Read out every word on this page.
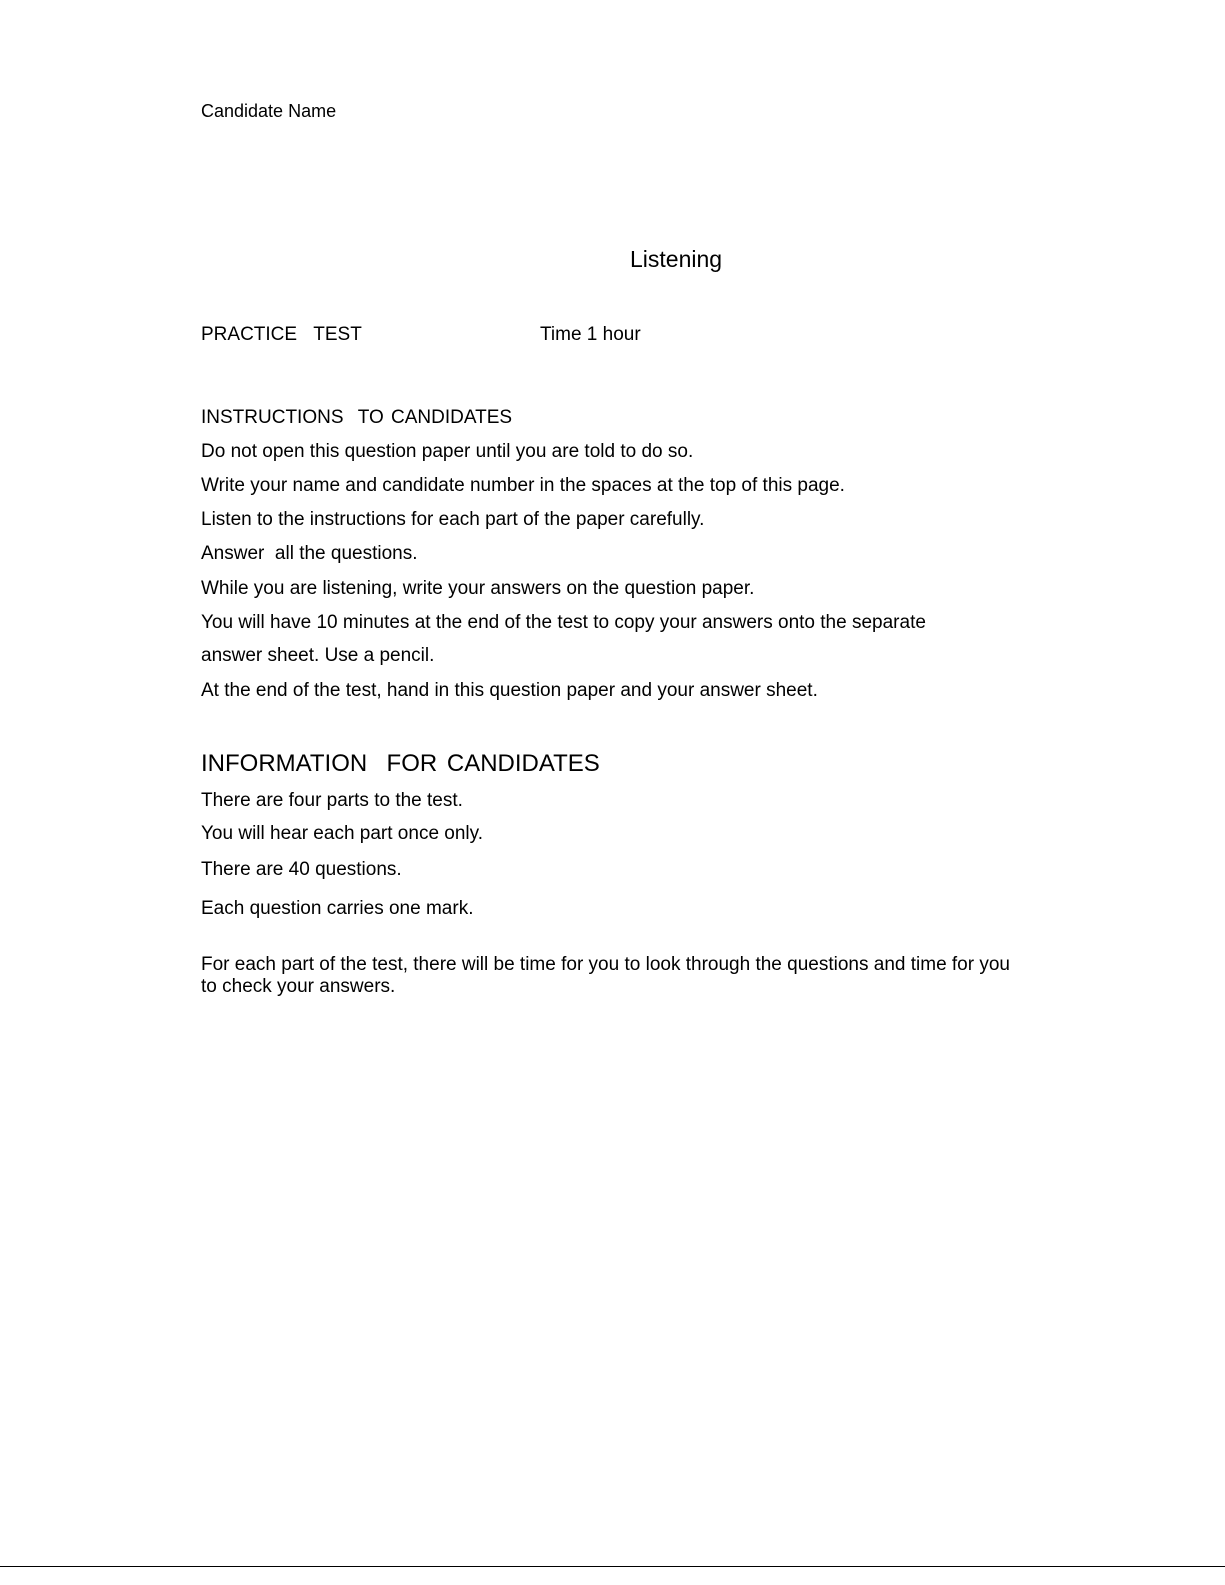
Candidate Name
Listening
PRACTICE  TEST	Time 1 hour
INSTRUCTIONS  TO CANDIDATES
Do not open this question paper until you are told to do so.
Write your name and candidate number in the spaces at the top of this page.
Listen to the instructions for each part of the paper carefully.
Answer  all the questions.
While you are listening, write your answers on the question paper.
You will have 10 minutes at the end of the test to copy your answers onto the separate
answer sheet. Use a pencil.
At the end of the test, hand in this question paper and your answer sheet.
INFORMATION  FOR CANDIDATES
There are four parts to the test.
You will hear each part once only.
There are 40 questions.
Each question carries one mark.
For each part of the test, there will be time for you to look through the questions and time for you to check your answers.
